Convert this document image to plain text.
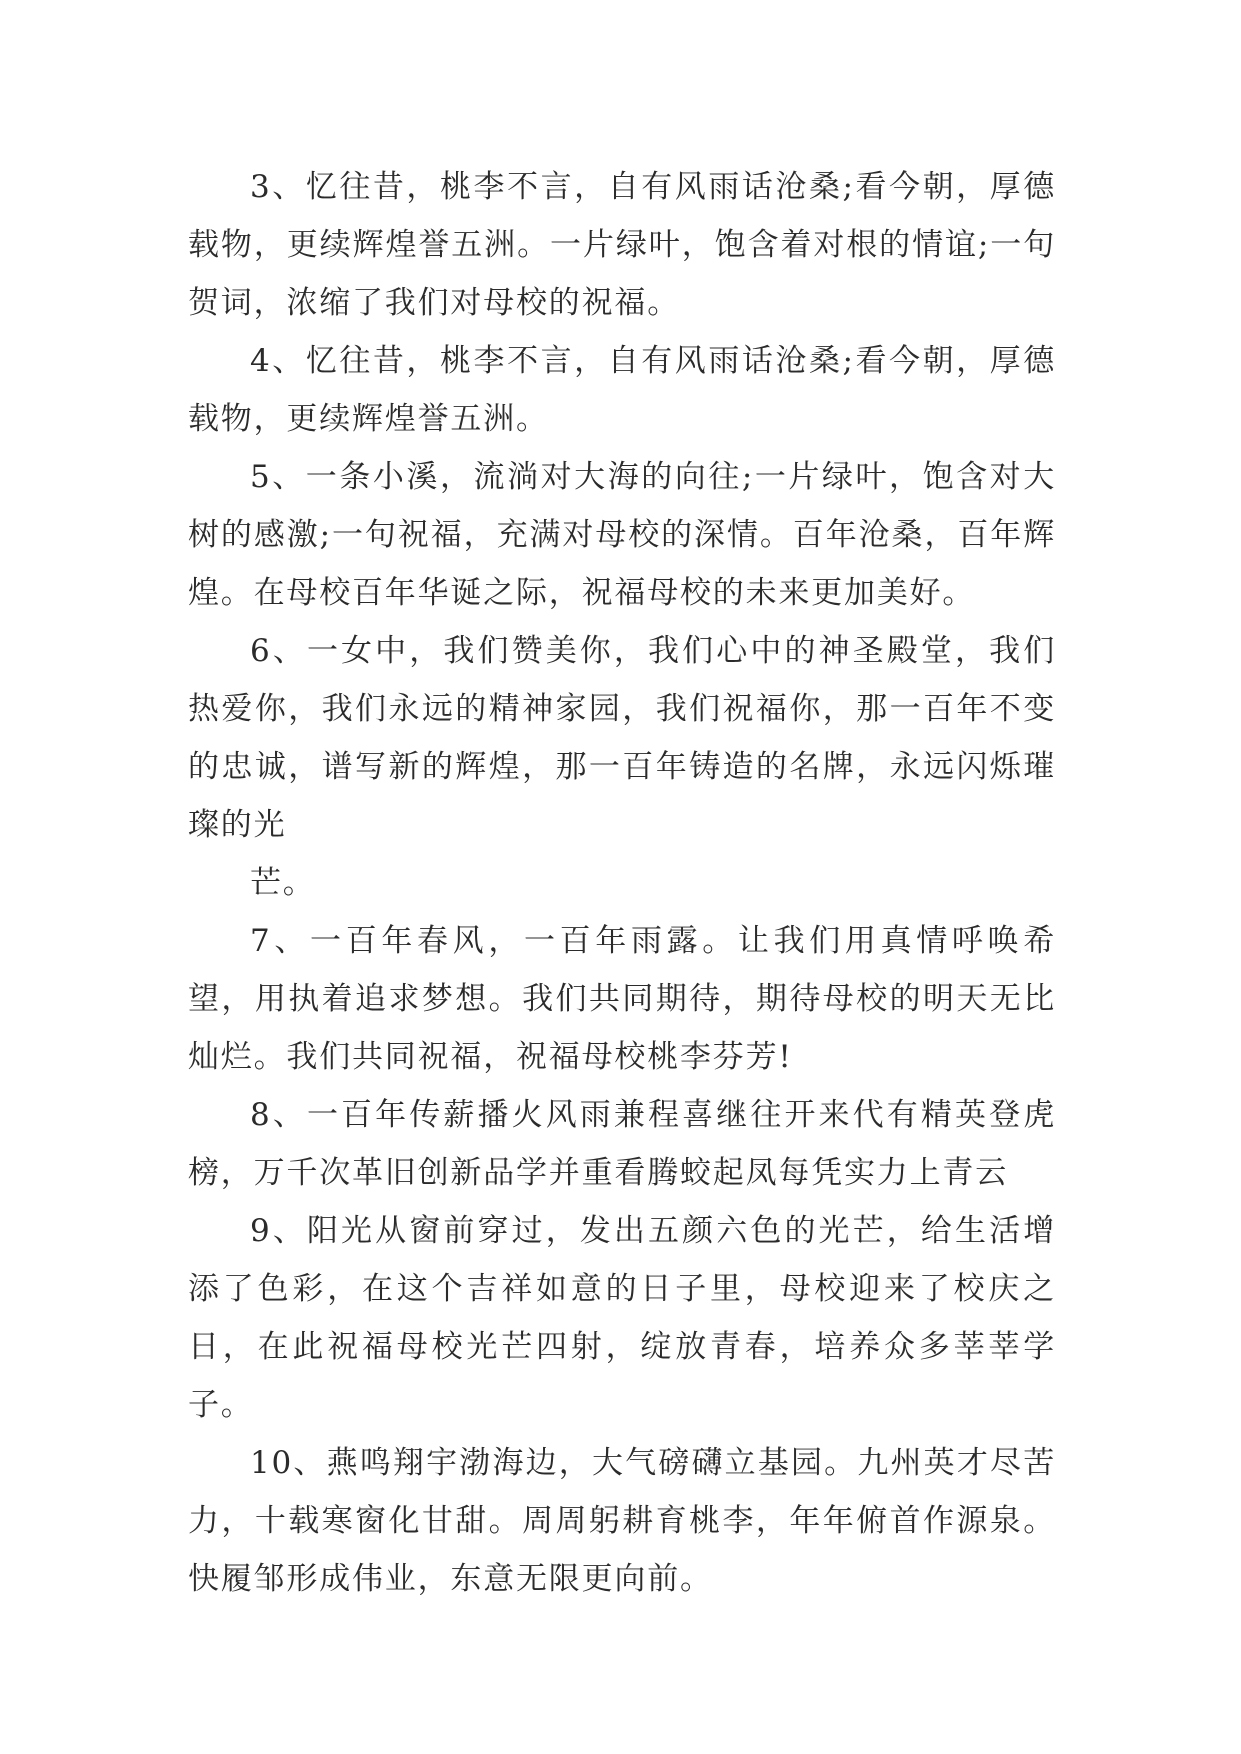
3、忆往昔，桃李不言，自有风雨话沧桑;看今朝，厚德载物，更续辉煌誉五洲。一片绿叶，饱含着对根的情谊;一句贺词，浓缩了我们对母校的祝福。

4、忆往昔，桃李不言，自有风雨话沧桑;看今朝，厚德载物，更续辉煌誉五洲。

5、一条小溪，流淌对大海的向往;一片绿叶，饱含对大树的感激;一句祝福，充满对母校的深情。百年沧桑，百年辉煌。在母校百年华诞之际，祝福母校的未来更加美好。

6、一女中，我们赞美你，我们心中的神圣殿堂，我们热爱你，我们永远的精神家园，我们祝福你，那一百年不变的忠诚，谱写新的辉煌，那一百年铸造的名牌，永远闪烁璀璨的光

芒。

7、一百年春风，一百年雨露。让我们用真情呼唤希望，用执着追求梦想。我们共同期待，期待母校的明天无比灿烂。我们共同祝福，祝福母校桃李芬芳!

8、一百年传薪播火风雨兼程喜继往开来代有精英登虎榜，万千次革旧创新品学并重看腾蛟起凤每凭实力上青云

9、阳光从窗前穿过，发出五颜六色的光芒，给生活增添了色彩，在这个吉祥如意的日子里，母校迎来了校庆之日，在此祝福母校光芒四射，绽放青春，培养众多莘莘学子。

10、燕鸣翔宇渤海边，大气磅礴立基园。九州英才尽苦力，十载寒窗化甘甜。周周躬耕育桃李，年年俯首作源泉。快履邹形成伟业，东意无限更向前。
